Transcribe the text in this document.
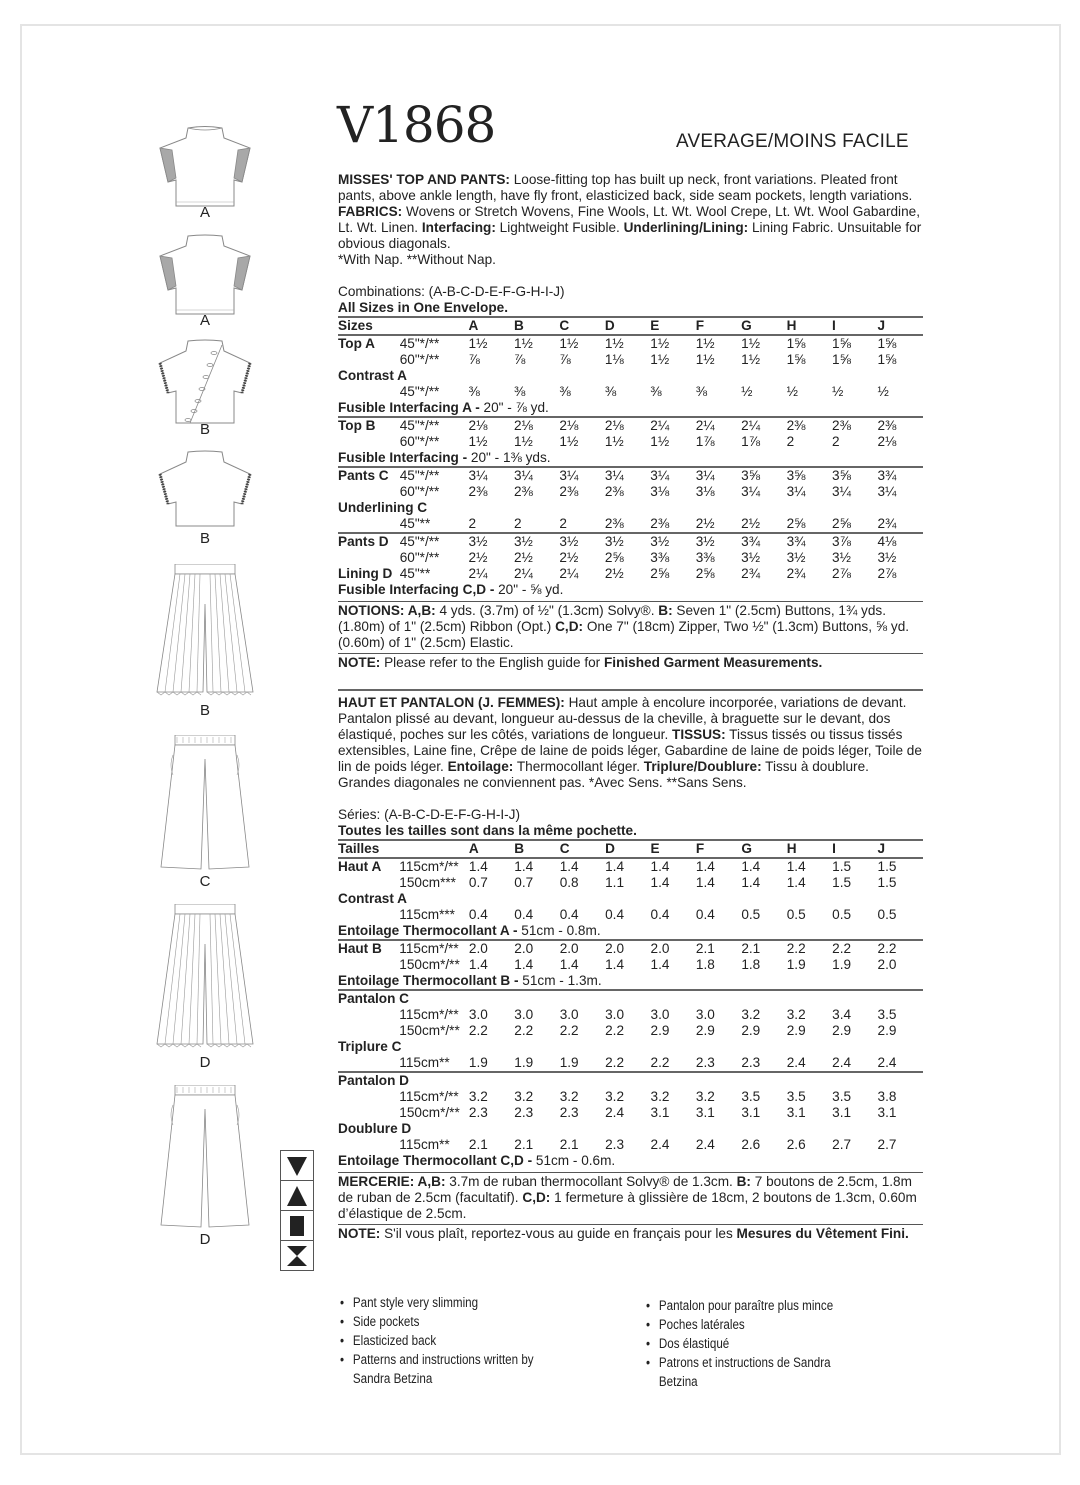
A
A
B
B
B
C
D
D
V1868	AVERAGE/MOINS FACILE

MISSES' TOP AND PANTS: Loose-fitting top has built up neck, front variations. Pleated front pants, above ankle length, have fly front, elasticized back, side seam pockets, length variations. FABRICS: Wovens or Stretch Wovens, Fine Wools, Lt. Wt. Wool Crepe, Lt. Wt. Wool Gabardine, Lt. Wt. Linen. Interfacing: Lightweight Fusible. Underlining/Lining: Lining Fabric. Unsuitable for obvious diagonals.

*With Nap. **Without Nap.
Combinations: (A-B-C-D-E-F-G-H-I-J)
All Sizes in One Envelope.
Sizes		A	B	C	D	E	F	G	H	I	J
Top A	45"*/**	1½	1½	1½	1½	1½	1½	1½	1⅝	1⅝	1⅝
	60"*/**	⅞	⅞	⅞	1⅛	1½	1½	1½	1⅝	1⅝	1⅝
Contrast A											
	45"*/**	⅜	⅜	⅜	⅜	⅜	⅜	½	½	½	½
Fusible Interfacing A - 20" - ⅞ yd.											
Top B	45"*/**	2⅛	2⅛	2⅛	2⅛	2¼	2¼	2¼	2⅜	2⅜	2⅜
	60"*/**	1½	1½	1½	1½	1½	1⅞	1⅞	2	2	2⅛
Fusible Interfacing - 20" - 1⅜ yds.											
Pants C	45"*/**	3¼	3¼	3¼	3¼	3¼	3¼	3⅝	3⅝	3⅝	3¾
	60"*/**	2⅜	2⅜	2⅜	2⅜	3⅛	3⅛	3¼	3¼	3¼	3¼
Underlining C											
	45"**	2	2	2	2⅜	2⅜	2½	2½	2⅝	2⅝	2¾
Pants D	45"*/**	3½	3½	3½	3½	3½	3½	3¾	3¾	3⅞	4⅛
	60"*/**	2½	2½	2½	2⅝	3⅜	3⅜	3½	3½	3½	3½
Lining D	45"**	2¼	2¼	2¼	2½	2⅝	2⅝	2¾	2¾	2⅞	2⅞
Fusible Interfacing C,D - 20" - ⅝ yd.											

NOTIONS: A,B: 4 yds. (3.7m) of ½" (1.3cm) Solvy®. B: Seven 1" (2.5cm) Buttons, 1¾ yds. (1.80m) of 1" (2.5cm) Ribbon (Opt.) C,D: One 7" (18cm) Zipper, Two ½" (1.3cm) Buttons, ⅝ yd. (0.60m) of 1" (2.5cm) Elastic.

NOTE: Please refer to the English guide for Finished Garment Measurements.

HAUT ET PANTALON (J. FEMMES): Haut ample à encolure incorporée, variations de devant. Pantalon plissé au devant, longueur au-dessus de la cheville, à braguette sur le devant, dos élastiqué, poches sur les côtés, variations de longueur. TISSUS: Tissus tissés ou tissus tissés extensibles, Laine fine, Crêpe de laine de poids léger, Gabardine de laine de poids léger, Toile de lin de poids léger. Entoilage: Thermocollant léger. Triplure/Doublure: Tissu à doublure. Grandes diagonales ne conviennent pas. *Avec Sens. **Sans Sens.

Séries: (A-B-C-D-E-F-G-H-I-J)
Toutes les tailles sont dans la même pochette.
Tailles		A	B	C	D	E	F	G	H	I	J
Haut A	115cm*/**	1.4	1.4	1.4	1.4	1.4	1.4	1.4	1.4	1.5	1.5
	150cm***	0.7	0.7	0.8	1.1	1.4	1.4	1.4	1.4	1.5	1.5
Contrast A											
	115cm***	0.4	0.4	0.4	0.4	0.4	0.4	0.5	0.5	0.5	0.5
Entoilage Thermocollant A - 51cm - 0.8m.											
Haut B	115cm*/**	2.0	2.0	2.0	2.0	2.0	2.1	2.1	2.2	2.2	2.2
	150cm*/**	1.4	1.4	1.4	1.4	1.4	1.8	1.8	1.9	1.9	2.0
Entoilage Thermocollant B - 51cm - 1.3m.											
Pantalon C											
	115cm*/**	3.0	3.0	3.0	3.0	3.0	3.0	3.2	3.2	3.4	3.5
	150cm*/**	2.2	2.2	2.2	2.2	2.9	2.9	2.9	2.9	2.9	2.9
Triplure C											
	115cm**	1.9	1.9	1.9	2.2	2.2	2.3	2.3	2.4	2.4	2.4
Pantalon D											
	115cm*/**	3.2	3.2	3.2	3.2	3.2	3.2	3.5	3.5	3.5	3.8
	150cm*/**	2.3	2.3	2.3	2.4	3.1	3.1	3.1	3.1	3.1	3.1
Doublure D											
	115cm**	2.1	2.1	2.1	2.3	2.4	2.4	2.6	2.6	2.7	2.7
Entoilage Thermocollant C,D - 51cm - 0.6m.											

MERCERIE: A,B: 3.7m de ruban thermocollant Solvy® de 1.3cm. B: 7 boutons de 2.5cm, 1.8m de ruban de 2.5cm (facultatif). C,D: 1 fermeture à glissière de 18cm, 2 boutons de 1.3cm, 0.60m d’élastique de 2.5cm.

NOTE: S'il vous plaît, reportez-vous au guide en français pour les Mesures du Vêtement Fini.

• Pant style very slimming
• Side pockets
• Elasticized back
• Patterns and instructions written by Sandra Betzina
• Pantalon pour paraître plus mince
• Poches latérales
• Dos élastiqué
• Patrons et instructions de Sandra Betzina
